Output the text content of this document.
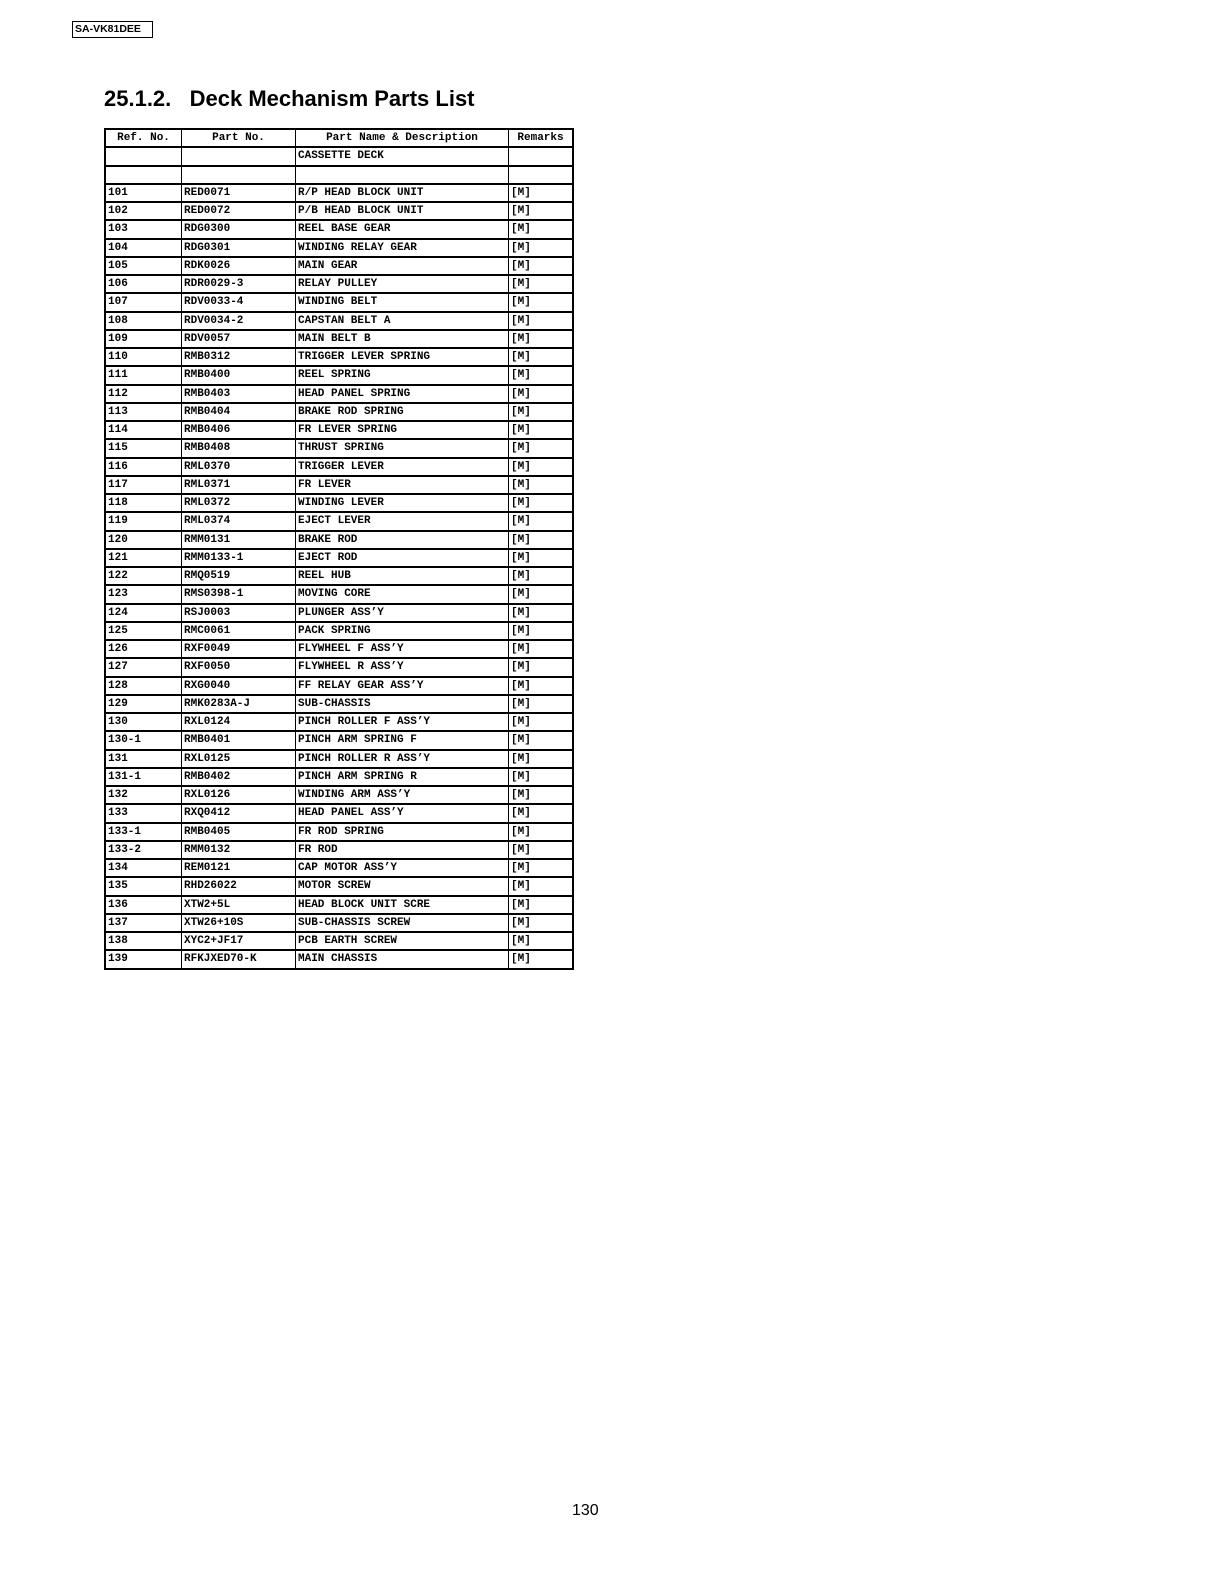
SA-VK81DEE
25.1.2.   Deck Mechanism Parts List
Ref. No.	Part No.	Part Name & Description	Remarks
		CASSETTE DECK	

101	RED0071	R/P HEAD BLOCK UNIT	[M]
102	RED0072	P/B HEAD BLOCK UNIT	[M]
103	RDG0300	REEL BASE GEAR	[M]
104	RDG0301	WINDING RELAY GEAR	[M]
105	RDK0026	MAIN GEAR	[M]
106	RDR0029-3	RELAY PULLEY	[M]
107	RDV0033-4	WINDING BELT	[M]
108	RDV0034-2	CAPSTAN BELT A	[M]
109	RDV0057	MAIN BELT B	[M]
110	RMB0312	TRIGGER LEVER SPRING	[M]
111	RMB0400	REEL SPRING	[M]
112	RMB0403	HEAD PANEL SPRING	[M]
113	RMB0404	BRAKE ROD SPRING	[M]
114	RMB0406	FR LEVER SPRING	[M]
115	RMB0408	THRUST SPRING	[M]
116	RML0370	TRIGGER LEVER	[M]
117	RML0371	FR LEVER	[M]
118	RML0372	WINDING LEVER	[M]
119	RML0374	EJECT LEVER	[M]
120	RMM0131	BRAKE ROD	[M]
121	RMM0133-1	EJECT ROD	[M]
122	RMQ0519	REEL HUB	[M]
123	RMS0398-1	MOVING CORE	[M]
124	RSJ0003	PLUNGER ASS’Y	[M]
125	RMC0061	PACK SPRING	[M]
126	RXF0049	FLYWHEEL F ASS’Y	[M]
127	RXF0050	FLYWHEEL R ASS’Y	[M]
128	RXG0040	FF RELAY GEAR ASS’Y	[M]
129	RMK0283A-J	SUB-CHASSIS	[M]
130	RXL0124	PINCH ROLLER F ASS’Y	[M]
130-1	RMB0401	PINCH ARM SPRING F	[M]
131	RXL0125	PINCH ROLLER R ASS’Y	[M]
131-1	RMB0402	PINCH ARM SPRING R	[M]
132	RXL0126	WINDING ARM ASS’Y	[M]
133	RXQ0412	HEAD PANEL ASS’Y	[M]
133-1	RMB0405	FR ROD SPRING	[M]
133-2	RMM0132	FR ROD	[M]
134	REM0121	CAP MOTOR ASS’Y	[M]
135	RHD26022	MOTOR SCREW	[M]
136	XTW2+5L	HEAD BLOCK UNIT SCRE	[M]
137	XTW26+10S	SUB-CHASSIS SCREW	[M]
138	XYC2+JF17	PCB EARTH SCREW	[M]
139	RFKJXED70-K	MAIN CHASSIS	[M]
130
